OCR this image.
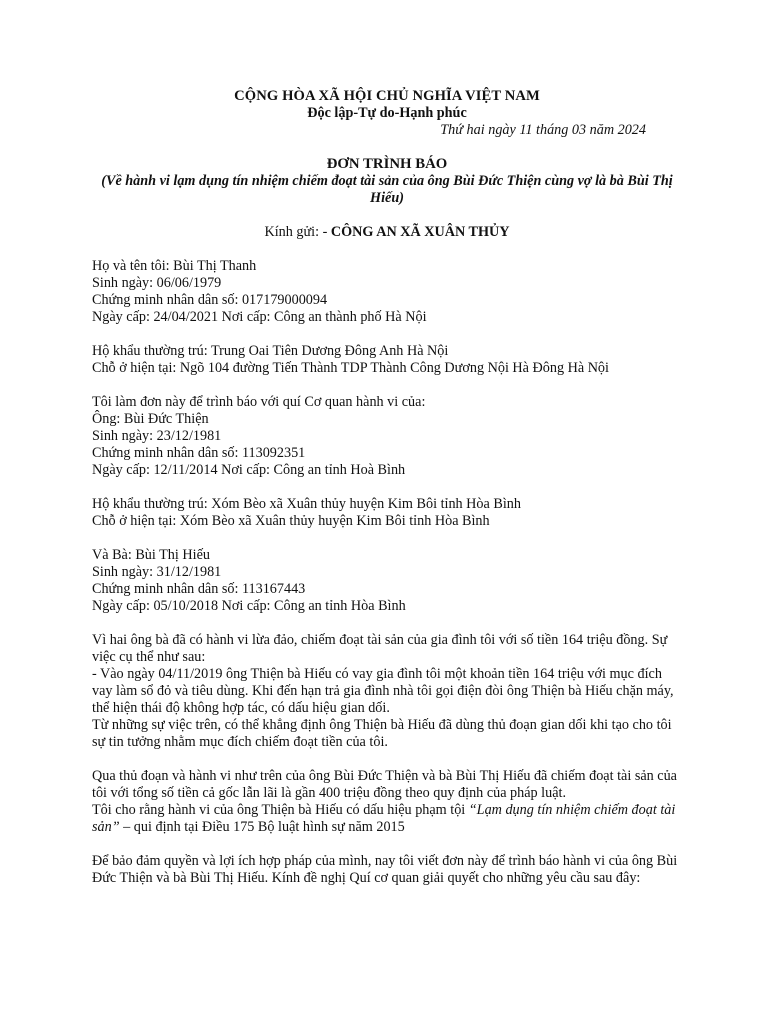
CỘNG HÒA XÃ HỘI CHỦ NGHĨA VIỆT NAM
Độc lập-Tự do-Hạnh phúc
Thứ hai ngày 11 tháng 03 năm 2024
ĐƠN TRÌNH BÁO
(Về hành vi lạm dụng tín nhiệm chiếm đoạt tài sản của ông Bùi Đức Thiện cùng vợ là bà Bùi Thị Hiếu)
Kính gửi: - CÔNG AN XÃ XUÂN THỦY
Họ và tên tôi: Bùi Thị Thanh
Sinh ngày: 06/06/1979
Chứng minh nhân dân số: 017179000094
Ngày cấp: 24/04/2021 Nơi cấp: Công an thành phố Hà Nội
Hộ khẩu thường trú: Trung Oai Tiên Dương Đông Anh Hà Nội
Chỗ ở hiện tại: Ngõ 104 đường Tiến Thành TDP Thành Công Dương Nội Hà Đông Hà Nội
Tôi làm đơn này để trình báo với quí Cơ quan hành vi của:
Ông: Bùi Đức Thiện
Sinh ngày: 23/12/1981
Chứng minh nhân dân số: 113092351
Ngày cấp: 12/11/2014 Nơi cấp: Công an tỉnh Hoà Bình
Hộ khẩu thường trú: Xóm Bèo xã Xuân thủy huyện Kim Bôi tỉnh Hòa Bình
Chỗ ở hiện tại: Xóm Bèo xã Xuân thủy huyện Kim Bôi tỉnh Hòa Bình
Và Bà: Bùi Thị Hiếu
Sinh ngày: 31/12/1981
Chứng minh nhân dân số: 113167443
Ngày cấp: 05/10/2018 Nơi cấp: Công an tỉnh Hòa Bình
Vì hai ông bà đã có hành vi lừa đảo, chiếm đoạt tài sản của gia đình tôi với số tiền 164 triệu đồng. Sự việc cụ thể như sau:
- Vào ngày 04/11/2019 ông Thiện bà Hiếu có vay gia đình tôi một khoản tiền 164 triệu với mục đích vay làm sổ đỏ và tiêu dùng. Khi đến hạn trả gia đình nhà tôi gọi điện đòi ông Thiện bà Hiếu chặn máy, thể hiện thái độ không hợp tác, có dấu hiệu gian dối.
Từ những sự việc trên, có thể khẳng định ông Thiện bà Hiếu đã dùng thủ đoạn gian dối khi tạo cho tôi sự tin tưởng nhằm mục đích chiếm đoạt tiền của tôi.
Qua thủ đoạn và hành vi như trên của ông Bùi Đức Thiện và bà Bùi Thị Hiếu đã chiếm đoạt tài sản của tôi với tổng số tiền cả gốc lẫn lãi là gần 400 triệu đồng theo quy định của pháp luật.
Tôi cho rằng hành vi của ông Thiện bà Hiếu có dấu hiệu phạm tội “Lạm dụng tín nhiệm chiếm đoạt tài sản” – qui định tại Điều 175 Bộ luật hình sự năm 2015
Để bảo đảm quyền và lợi ích hợp pháp của mình, nay tôi viết đơn này để trình báo hành vi của ông Bùi Đức Thiện và bà Bùi Thị Hiếu. Kính đề nghị Quí cơ quan giải quyết cho những yêu cầu sau đây:
